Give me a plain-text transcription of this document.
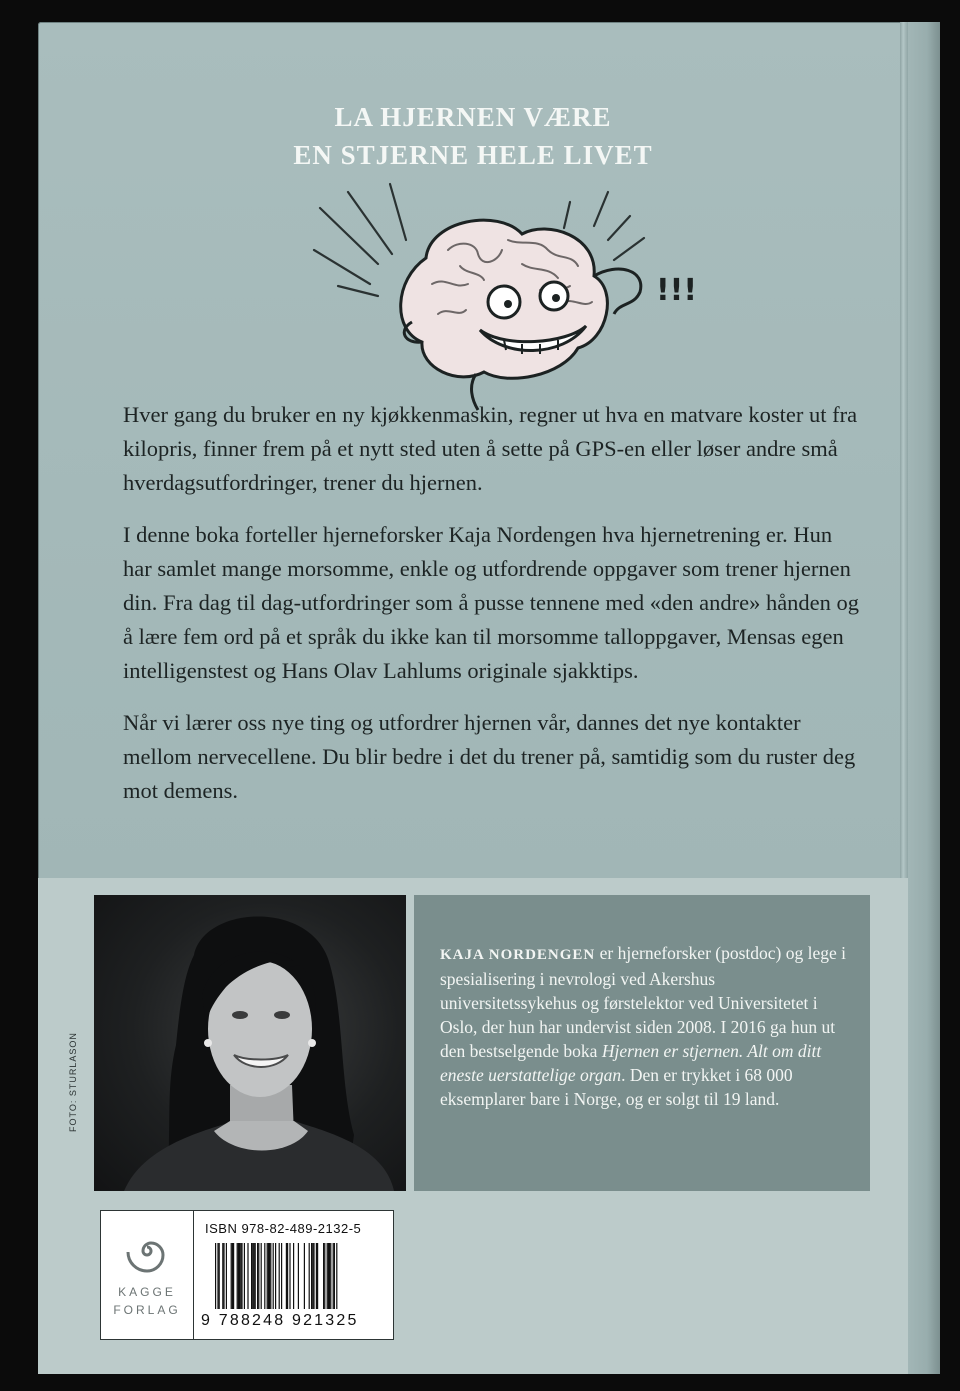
LA HJERNEN VÆRE
EN STJERNE HELE LIVET
!!!

Hver gang du bruker en ny kjøkkenmaskin, regner ut hva en matvare koster ut fra kilopris, finner frem på et nytt sted uten å sette på GPS-en eller løser andre små hverdagsutfordringer, trener du hjernen.

I denne boka forteller hjerneforsker Kaja Nordengen hva hjernetrening er. Hun har samlet mange morsomme, enkle og utfordrende oppgaver som trener hjernen din. Fra dag til dag-utfordringer som å pusse tennene med «den andre» hånden og å lære fem ord på et språk du ikke kan til morsomme talloppgaver, Mensas egen intelligenstest og Hans Olav Lahlums originale sjakktips.

Når vi lærer oss nye ting og utfordrer hjernen vår, dannes det nye kontakter mellom nervecellene. Du blir bedre i det du trener på, samtidig som du ruster deg mot demens.

FOTO: STURLASON
KAJA NORDENGEN er hjerneforsker (postdoc) og lege i spesialisering i nevrologi ved Akershus universitetssykehus og førstelektor ved Universitetet i Oslo, der hun har undervist siden 2008. I 2016 ga hun ut den bestselgende boka Hjernen er stjernen. Alt om ditt eneste uerstattelige organ. Den er trykket i 68 000 eksemplarer bare i Norge, og er solgt til 19 land.
KAGGE
FORLAG
ISBN 978-82-489-2132-5
9 788248 921325
